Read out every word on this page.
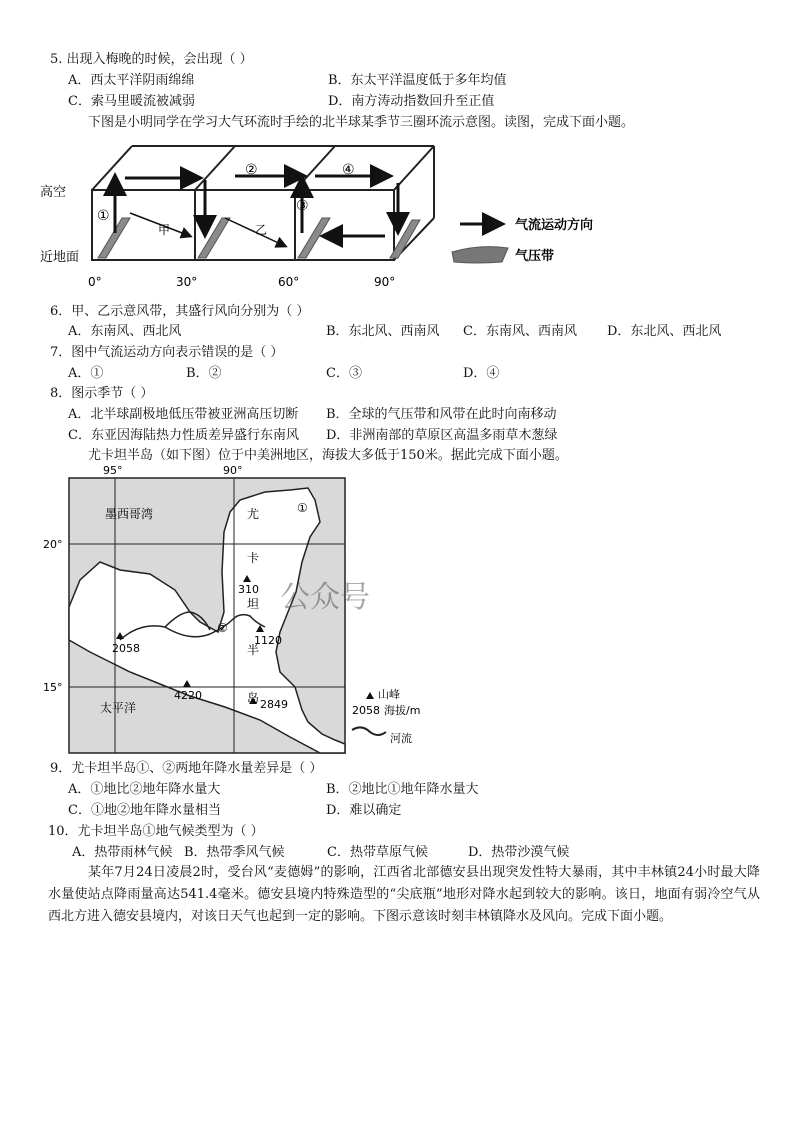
5. 出现入梅晚的时候，会出现（ ）
A．西太平洋阴雨绵绵	B．东太平洋温度低于多年均值
C．索马里暖流被减弱	D．南方涛动指数回升至正值
下图是小明同学在学习大气环流时手绘的北半球某季节三圈环流示意图。读图，完成下面小题。
高空
近地面
0°	30°	60°	90°
①
②
③
④
甲	乙	气流运动方向
气压带
6．甲、乙示意风带，其盛行风向分别为（ ）
A．东南风、西北风	B．东北风、西南风 C．东南风、西南风 D．东北风、西北风
7．图中气流运动方向表示错误的是（ ）
A．①	B．②	C．③	D．④
8．图示季节（ ）
A．北半球副极地低压带被亚洲高压切断 B．全球的气压带和风带在此时向南移动
C．东亚因海陆热力性质差异盛行东南风 D．非洲南部的草原区高温多雨草木葱绿
尤卡坦半岛（如下图）位于中美洲地区，海拔大多低于150米。据此完成下面小题。
95°	90°
20°
15°
墨西哥湾
太平洋
尤
卡
坦
半
岛
310
1120
2058
4220
2849
①
②
公众号
山峰
2058 海拔/m
河流
9．尤卡坦半岛①、②两地年降水量差异是（ ）
A．①地比②地年降水量大	B．②地比①地年降水量大
C．①地②地年降水量相当	D．难以确定
10．尤卡坦半岛①地气候类型为（ ）
A．热带雨林气候 B．热带季风气候	C．热带草原气候	D．热带沙漠气候
某年7月24日凌晨2时，受台风“麦德姆”的影响，江西省北部德安县出现突发性特大暴雨，其中丰林镇24小时最大降水量使站点降雨量高达541.4毫米。德安县境内特殊造型的“尖底瓶”地形对降水起到较大的影响。该日，地面有弱冷空气从西北方进入德安县境内，对该日天气也起到一定的影响。下图示意该时刻丰林镇降水及风向。完成下面小题。
